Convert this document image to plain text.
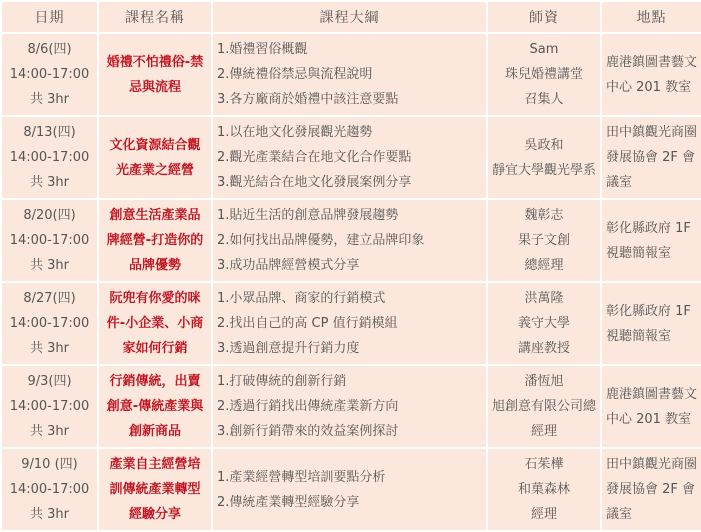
日期	課程名稱	課程大綱	師資	地點

8/6(四)
14:00-17:00
共 3hr	婚禮不怕禮俗-禁忌與流程	1.婚禮習俗概觀
2.傳統禮俗禁忌與流程說明
3.各方廠商於婚禮中該注意要點	Sam
珠兒婚禮講堂
召集人	鹿港鎮圖書藝文中心 201 教室

8/13(四)
14:00-17:00
共 3hr	文化資源結合觀光產業之經營	1.以在地文化發展觀光趨勢
2.觀光產業結合在地文化合作要點
3.觀光結合在地文化發展案例分享	吳政和
靜宜大學觀光學系	田中鎮觀光商圈發展協會 2F 會議室

8/20(四)
14:00-17:00
共 3hr	創意生活產業品牌經營-打造你的品牌優勢	1.貼近生活的創意品牌發展趨勢
2.如何找出品牌優勢，建立品牌印象
3.成功品牌經營模式分享	魏彰志
果子文創
總經理	彰化縣政府 1F 視聽簡報室

8/27(四)
14:00-17:00
共 3hr	阮兜有你愛的咪件-小企業、小商家如何行銷	1.小眾品牌、商家的行銷模式
2.找出自己的高 CP 值行銷模組
3.透過創意提升行銷力度	洪萬隆
義守大學
講座教授	彰化縣政府 1F 視聽簡報室

9/3(四)
14:00-17:00
共 3hr	行銷傳統，出賣創意-傳統產業與創新商品	1.打破傳統的創新行銷
2.透過行銷找出傳統產業新方向
3.創新行銷帶來的效益案例探討	潘恆旭
旭創意有限公司總
經理	鹿港鎮圖書藝文中心 201 教室

9/10 (四)
14:00-17:00
共 3hr	產業自主經營培訓傳統產業轉型經驗分享	1.產業經營轉型培訓要點分析
2.傳統產業轉型經驗分享	石茱樺
和菓森林
經理	田中鎮觀光商圈發展協會 2F 會議室
